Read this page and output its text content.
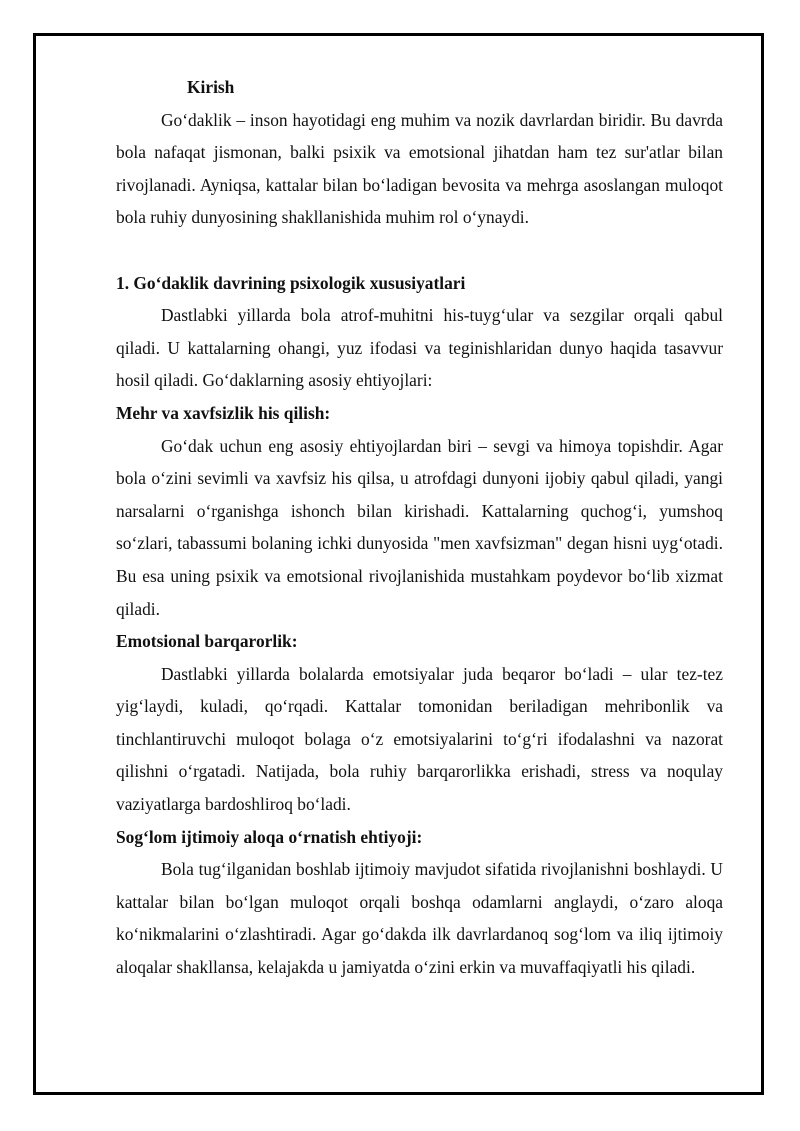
Kirish

Go‘daklik – inson hayotidagi eng muhim va nozik davrlardan biridir. Bu davrda bola nafaqat jismonan, balki psixik va emotsional jihatdan ham tez sur'atlar bilan rivojlanadi. Ayniqsa, kattalar bilan bo‘ladigan bevosita va mehrga asoslangan muloqot bola ruhiy dunyosining shakllanishida muhim rol o‘ynaydi.

1. Go‘daklik davrining psixologik xususiyatlari

Dastlabki yillarda bola atrof-muhitni his-tuyg‘ular va sezgilar orqali qabul qiladi. U kattalarning ohangi, yuz ifodasi va teginishlaridan dunyo haqida tasavvur hosil qiladi. Go‘daklarning asosiy ehtiyojlari:

Mehr va xavfsizlik his qilish:

Go‘dak uchun eng asosiy ehtiyojlardan biri – sevgi va himoya topishdir. Agar bola o‘zini sevimli va xavfsiz his qilsa, u atrofdagi dunyoni ijobiy qabul qiladi, yangi narsalarni o‘rganishga ishonch bilan kirishadi. Kattalarning quchog‘i, yumshoq so‘zlari, tabassumi bolaning ichki dunyosida "men xavfsizman" degan hisni uyg‘otadi. Bu esa uning psixik va emotsional rivojlanishida mustahkam poydevor bo‘lib xizmat qiladi.

Emotsional barqarorlik:

Dastlabki yillarda bolalarda emotsiyalar juda beqaror bo‘ladi – ular tez-tez yig‘laydi, kuladi, qo‘rqadi. Kattalar tomonidan beriladigan mehribonlik va tinchlantiruvchi muloqot bolaga o‘z emotsiyalarini to‘g‘ri ifodalashni va nazorat qilishni o‘rgatadi. Natijada, bola ruhiy barqarorlikka erishadi, stress va noqulay vaziyatlarga bardoshliroq bo‘ladi.

Sog‘lom ijtimoiy aloqa o‘rnatish ehtiyoji:

Bola tug‘ilganidan boshlab ijtimoiy mavjudot sifatida rivojlanishni boshlaydi. U kattalar bilan bo‘lgan muloqot orqali boshqa odamlarni anglaydi, o‘zaro aloqa ko‘nikmalarini o‘zlashtiradi. Agar go‘dakda ilk davrlardanoq sog‘lom va iliq ijtimoiy aloqalar shakllansa, kelajakda u jamiyatda o‘zini erkin va muvaffaqiyatli his qiladi.
